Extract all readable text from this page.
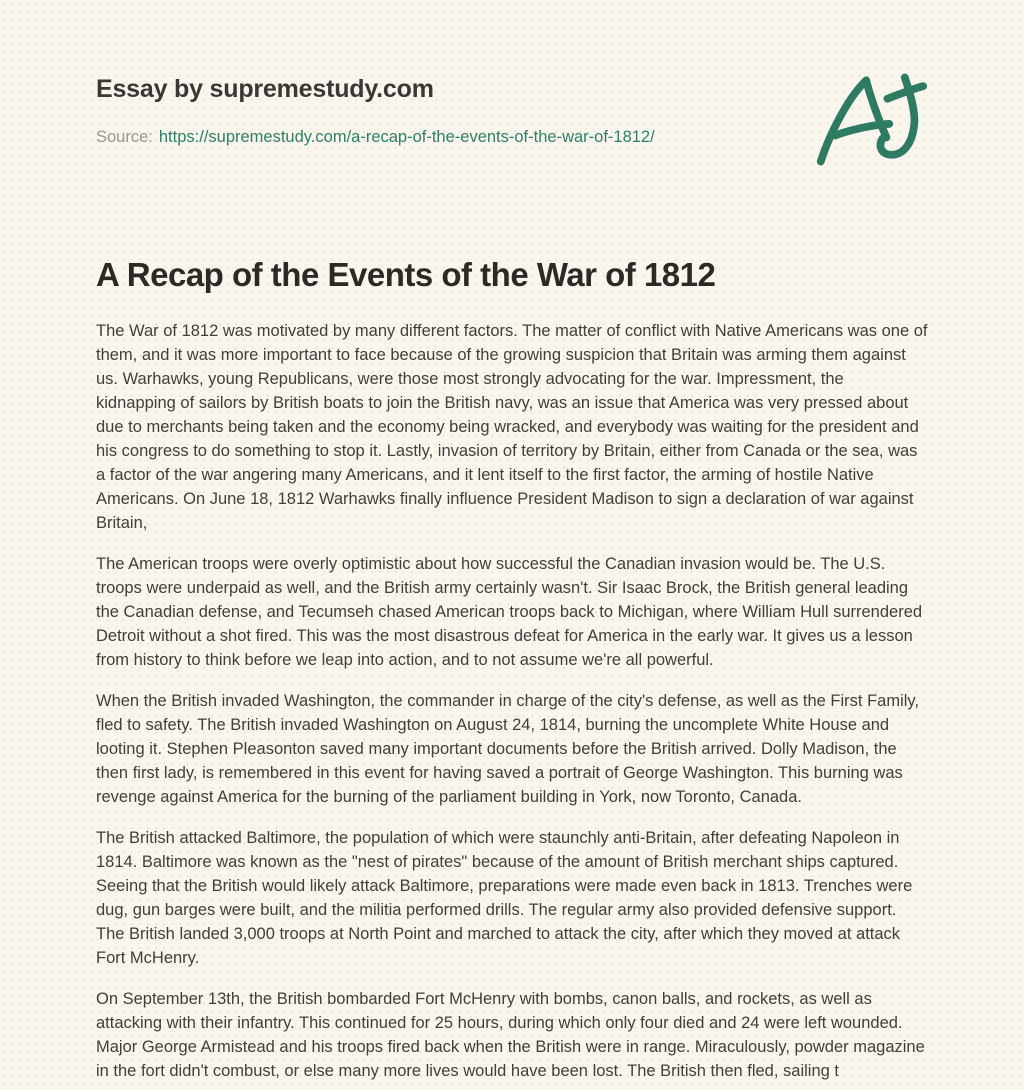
Essay by supremestudy.com

Source: https://supremestudy.com/a-recap-of-the-events-of-the-war-of-1812/

A Recap of the Events of the War of 1812

The War of 1812 was motivated by many different factors. The matter of conflict with Native Americans was one of them, and it was more important to face because of the growing suspicion that Britain was arming them against us. Warhawks, young Republicans, were those most strongly advocating for the war. Impressment, the kidnapping of sailors by British boats to join the British navy, was an issue that America was very pressed about due to merchants being taken and the economy being wracked, and everybody was waiting for the president and his congress to do something to stop it. Lastly, invasion of territory by Britain, either from Canada or the sea, was a factor of the war angering many Americans, and it lent itself to the first factor, the arming of hostile Native Americans. On June 18, 1812 Warhawks finally influence President Madison to sign a declaration of war against Britain,

The American troops were overly optimistic about how successful the Canadian invasion would be. The U.S. troops were underpaid as well, and the British army certainly wasn't. Sir Isaac Brock, the British general leading the Canadian defense, and Tecumseh chased American troops back to Michigan, where William Hull surrendered Detroit without a shot fired. This was the most disastrous defeat for America in the early war. It gives us a lesson from history to think before we leap into action, and to not assume we're all powerful.

When the British invaded Washington, the commander in charge of the city's defense, as well as the First Family, fled to safety. The British invaded Washington on August 24, 1814, burning the uncomplete White House and looting it. Stephen Pleasonton saved many important documents before the British arrived. Dolly Madison, the then first lady, is remembered in this event for having saved a portrait of George Washington. This burning was revenge against America for the burning of the parliament building in York, now Toronto, Canada.

The British attacked Baltimore, the population of which were staunchly anti-Britain, after defeating Napoleon in 1814. Baltimore was known as the "nest of pirates" because of the amount of British merchant ships captured. Seeing that the British would likely attack Baltimore, preparations were made even back in 1813. Trenches were dug, gun barges were built, and the militia performed drills. The regular army also provided defensive support. The British landed 3,000 troops at North Point and marched to attack the city, after which they moved at attack Fort McHenry.

On September 13th, the British bombarded Fort McHenry with bombs, canon balls, and rockets, as well as attacking with their infantry. This continued for 25 hours, during which only four died and 24 were left wounded. Major George Armistead and his troops fired back when the British were in range. Miraculously, powder magazine in the fort didn't combust, or else many more lives would have been lost. The British then fled, sailing t
